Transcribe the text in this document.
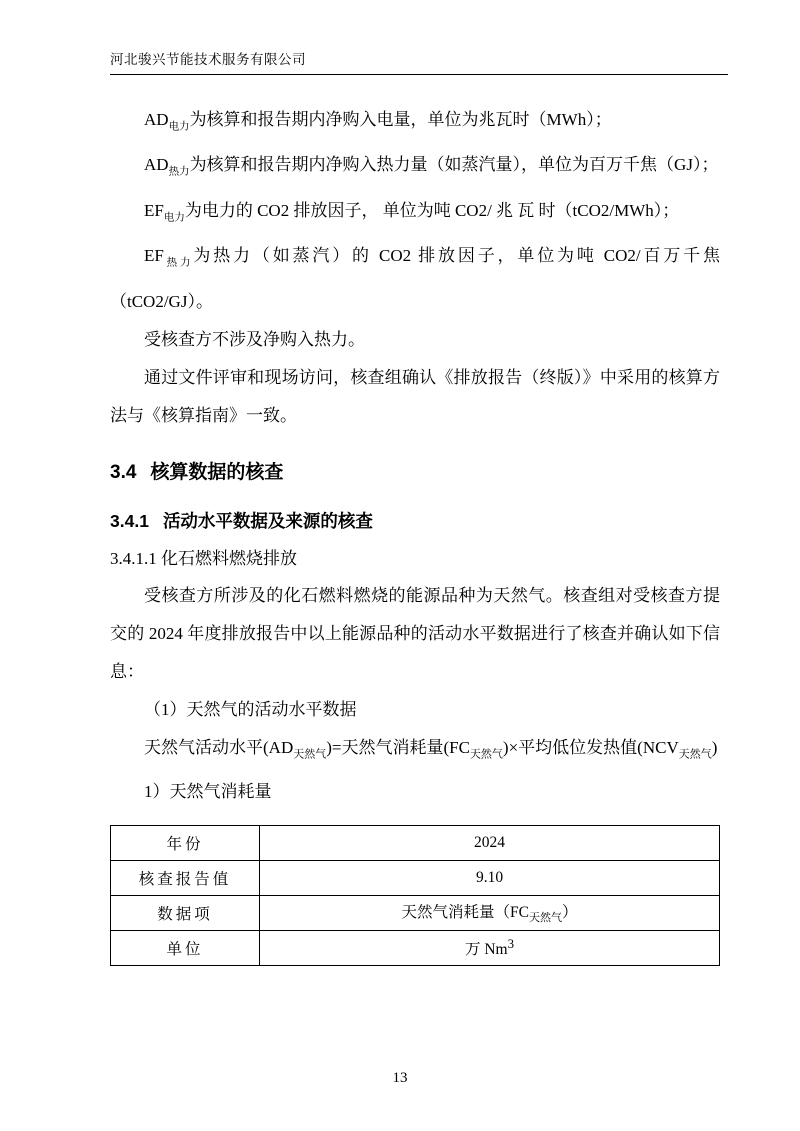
河北骏兴节能技术服务有限公司

$AD_{电力}$为核算和报告期内净购入电量，单位为兆瓦时（MWh）；

$AD_{热力}$为核算和报告期内净购入热力量（如蒸汽量），单位为百万千焦（GJ）；

$EF_{电力}$为电力的 CO2 排放因子， 单位为吨 CO2/ 兆 瓦 时（tCO2/MWh）；

$EF_{热力}$为热力（如蒸汽）的 CO2 排放因子，单位为吨 CO2/百万千焦（tCO2/GJ）。

受核查方不涉及净购入热力。

通过文件评审和现场访问，核查组确认《排放报告（终版）》中采用的核算方法与《核算指南》一致。

3.4 核算数据的核查
3.4.1 活动水平数据及来源的核查

3.4.1.1 化石燃料燃烧排放

受核查方所涉及的化石燃料燃烧的能源品种为天然气。核查组对受核查方提交的 2024 年度排放报告中以上能源品种的活动水平数据进行了核查并确认如下信息：

（1）天然气的活动水平数据

天然气活动水平$(AD_{天然气})=$天然气消耗量$(FC_{天然气})\times$平均低位发热值$(NCV_{天然气})$

1）天然气消耗量

年份	2024
核查报告值	9.10
数据项	天然气消耗量$(FC_{天然气})$
单位	万 Nm$^3$
13
